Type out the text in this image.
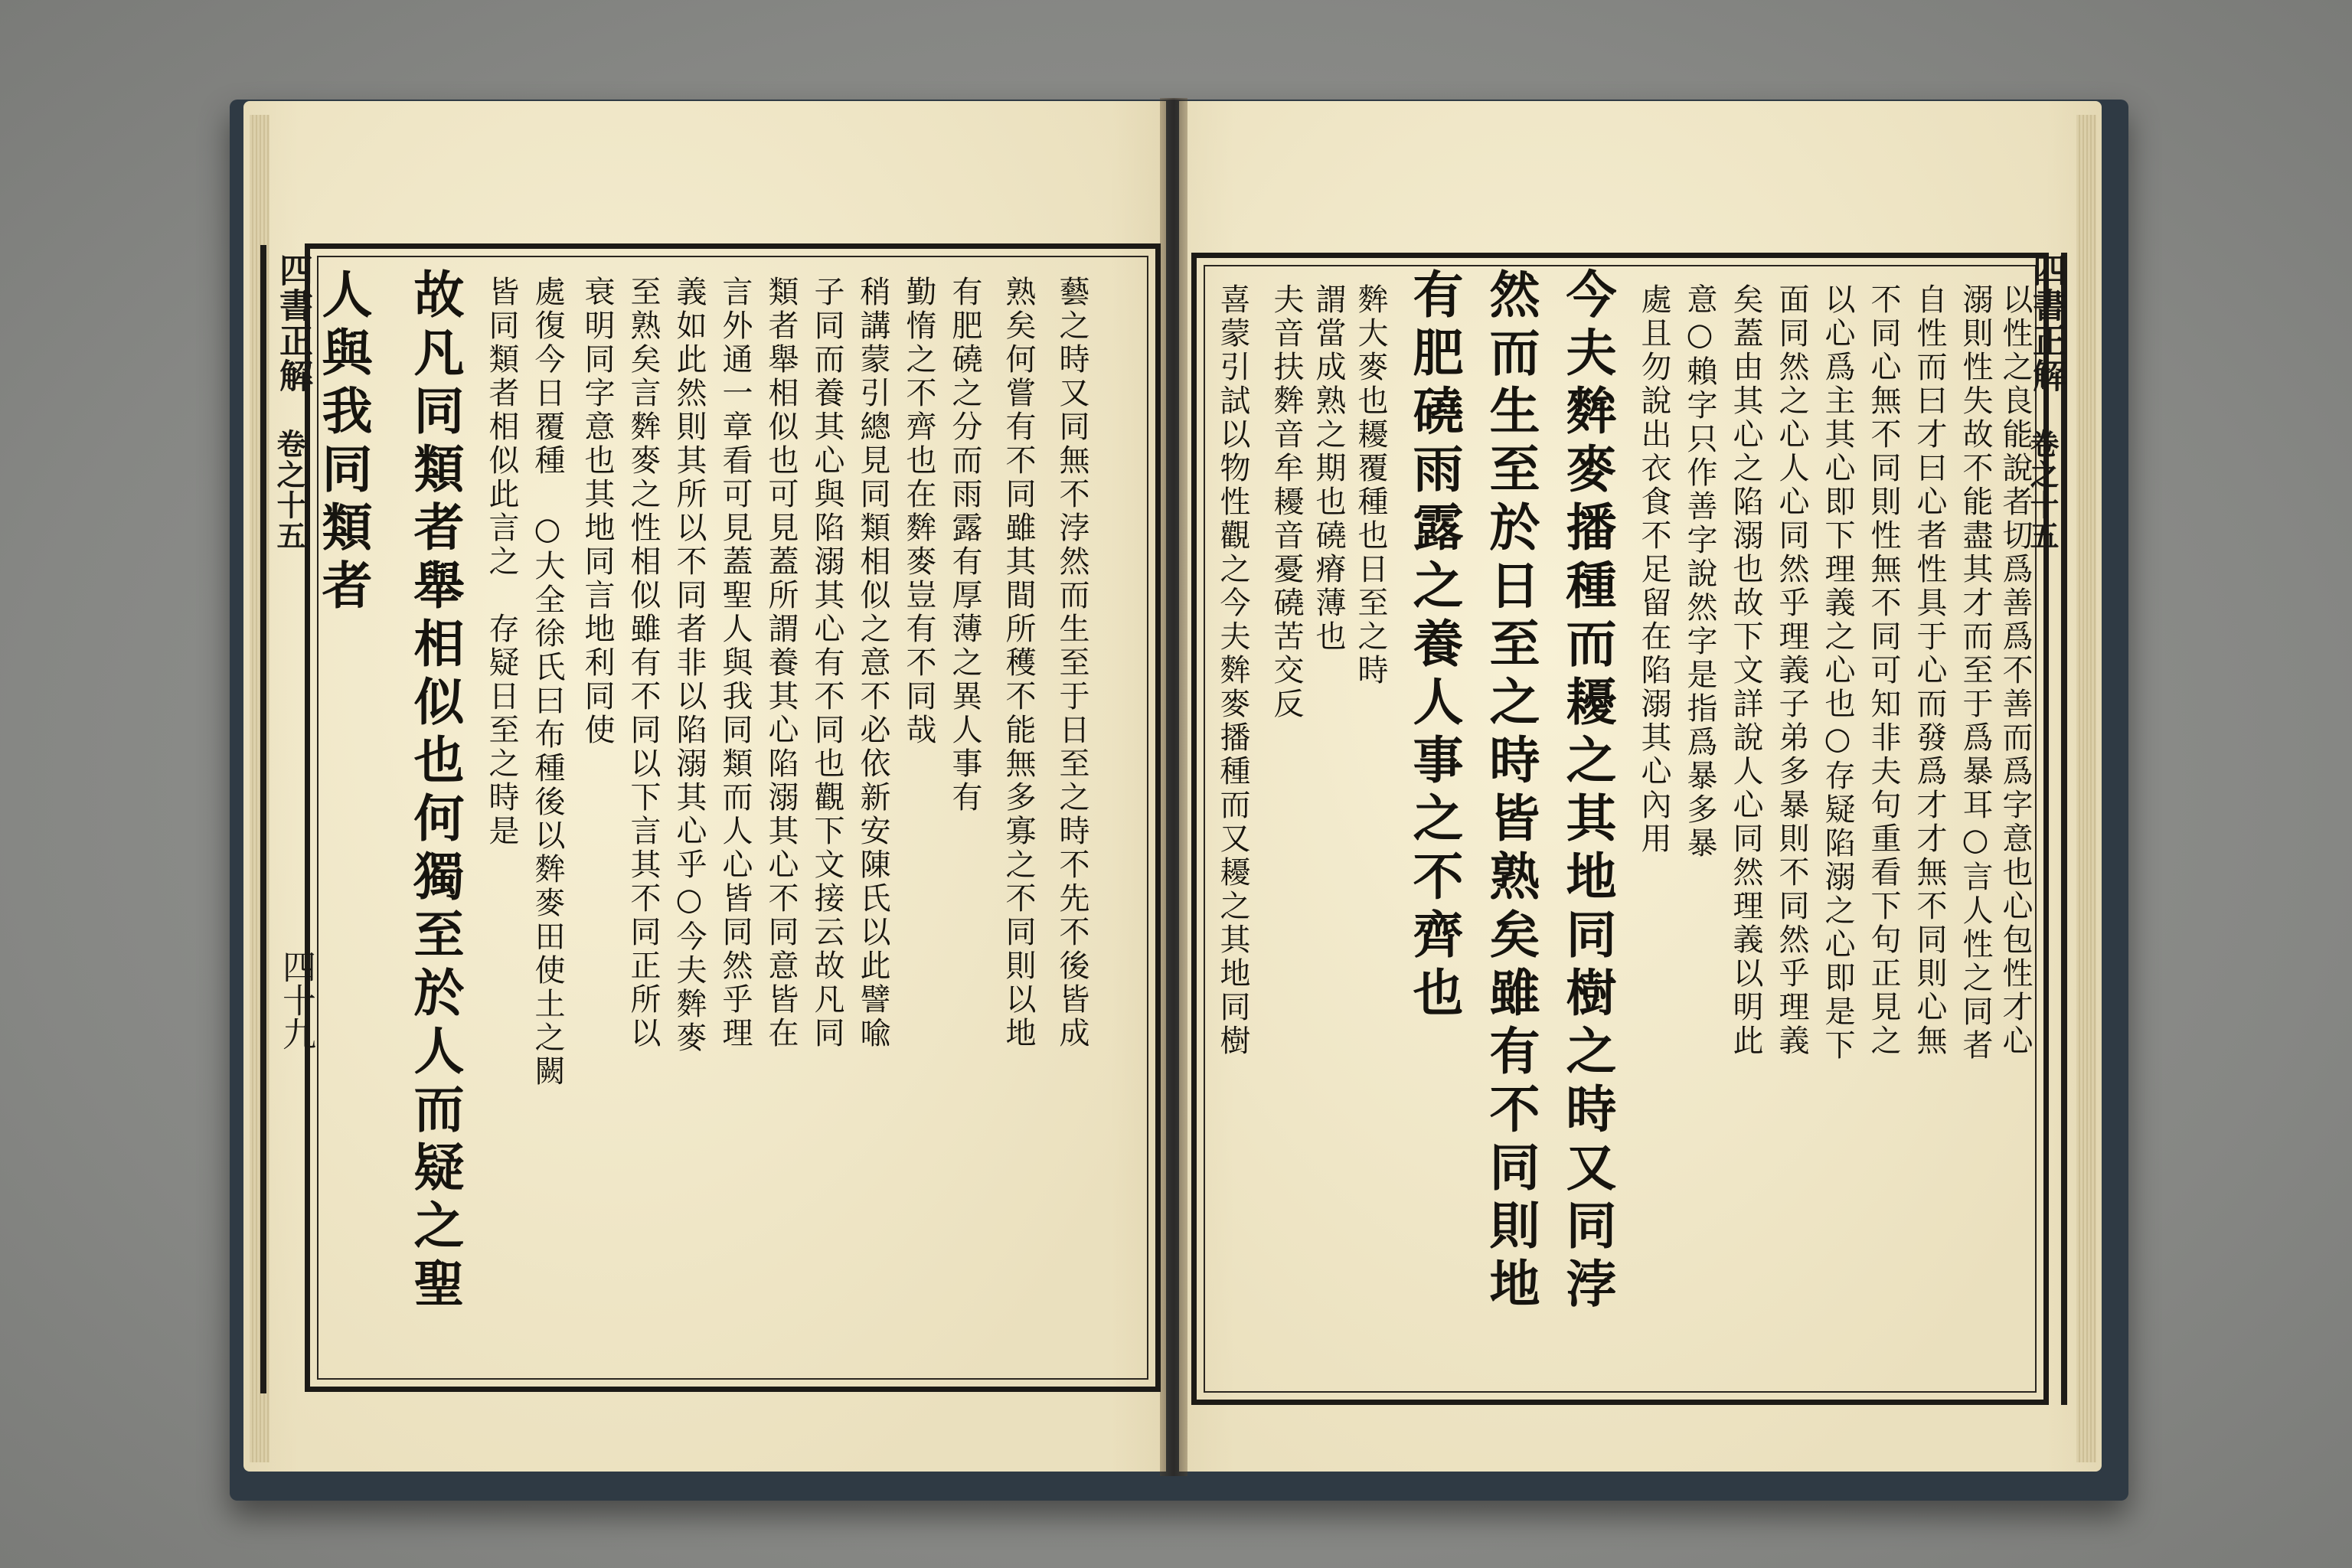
四書正解
卷之十五
四十九
四書正解
卷之十五
人與我同類者 故凡同類者舉相似也何獨至於人而疑之聖 皆同類者相似此言之　存疑日至之時是 處復今日覆種　○大全徐氏曰布種後以麰麥田使土之闕 衰明同字意也其地同言地利同使 至熟矣言麰麥之性相似雖有不同以下言其不同正所以 義如此然則其所以不同者非以陷溺其心乎○今夫麰麥 言外通一章看可見蓋聖人與我同類而人心皆同然乎理 類者舉相似也可見蓋所謂養其心陷溺其心不同意皆在 子同而養其心與陷溺其心有不同也觀下文接云故凡同 稍講蒙引總見同類相似之意不必依新安陳氏以此譬喩 勤惰之不齊也在麰麥豈有不同哉 有肥磽之分而雨露有厚薄之異人事有 熟矣何嘗有不同雖其間所穫不能無多寡之不同則以地 藝之時又同無不浡然而生至于日至之時不先不後皆成	喜蒙引試以物性觀之今夫麰麥播種而又耰之其地同樹 夫音扶麰音牟耰音憂磽苦交反 謂當成熟之期也磽瘠薄也 麰大麥也耰覆種也日至之時 有肥磽雨露之養人事之不齊也 然而生至於日至之時皆熟矣雖有不同則地 今夫麰麥播種而耰之其地同樹之時又同浡 處且勿說出衣食不足留在陷溺其心內用 意○賴字只作善字說然字是指爲暴多暴 矣蓋由其心之陷溺也故下文詳說人心同然理義以明此 面同然之心人心同然乎理義子弟多暴則不同然乎理義 以心爲主其心即下理義之心也○存疑陷溺之心即是下 不同心無不同則性無不同可知非夫句重看下句正見之 自性而曰才曰心者性具于心而發爲才才無不同則心無 溺則性失故不能盡其才而至于爲暴耳○言人性之同者 以性之良能說者切爲善爲不善而爲字意也心包性才心
